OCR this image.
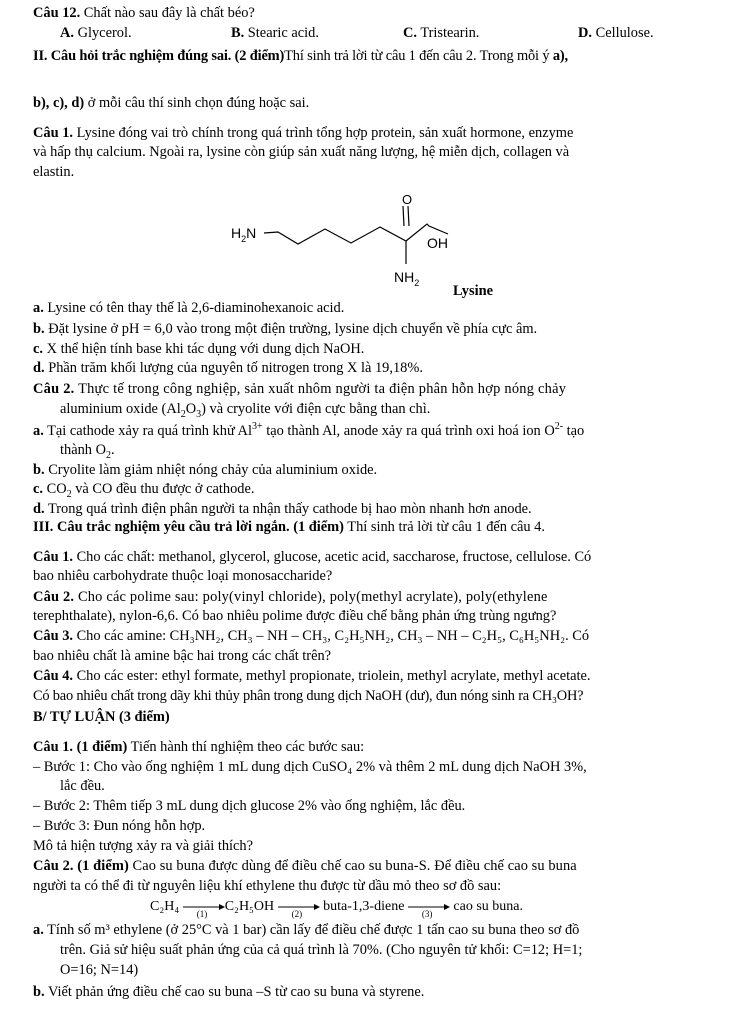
Câu 12. Chất nào sau đây là chất béo?
A. Glycerol.	B. Stearic acid.	C. Tristearin.	D. Cellulose.
II. Câu hỏi trắc nghiệm đúng sai. (2 điểm)Thí sinh trả lời từ câu 1 đến câu 2. Trong mỗi ý a),
b), c), d) ở mỗi câu thí sinh chọn đúng hoặc sai.
Câu 1. Lysine đóng vai trò chính trong quá trình tổng hợp protein, sản xuất hormone, enzyme
và hấp thụ calcium. Ngoài ra, lysine còn giúp sản xuất năng lượng, hệ miễn dịch, collagen và
elastin.
O
$H_2N$
OH
$NH_2$ Lysine
a. Lysine có tên thay thế là 2,6-diaminohexanoic acid.
b. Đặt lysine ở pH = 6,0 vào trong một điện trường, lysine dịch chuyển về phía cực âm.
c. X thể hiện tính base khi tác dụng với dung dịch NaOH.
d. Phần trăm khối lượng của nguyên tố nitrogen trong X là 19,18%.
Câu 2. Thực tế trong công nghiệp, sản xuất nhôm người ta điện phân hỗn hợp nóng chảy
aluminium oxide $(Al_2O_3)$ và cryolite với điện cực bằng than chì.
a. Tại cathode xảy ra quá trình khử $Al^{3+}$ tạo thành Al, anode xảy ra quá trình oxi hoá ion $O^{2-}$ tạo
thành $O_2$.
b. Cryolite làm giảm nhiệt nóng chảy của aluminium oxide.
c. $CO_2$ và CO đều thu được ở cathode.
d. Trong quá trình điện phân người ta nhận thấy cathode bị hao mòn nhanh hơn anode.
III. Câu trắc nghiệm yêu cầu trả lời ngắn. (1 điểm) Thí sinh trả lời từ câu 1 đến câu 4.
Câu 1. Cho các chất: methanol, glycerol, glucose, acetic acid, saccharose, fructose, cellulose. Có
bao nhiêu carbohydrate thuộc loại monosaccharide?
Câu 2. Cho các polime sau: poly(vinyl chloride), poly(methyl acrylate), poly(ethylene
terephthalate), nylon-6,6. Có bao nhiêu polime được điều chế bằng phản ứng trùng ngưng?
Câu 3. Cho các amine: CH₃NH₂, CH₃ – NH – CH₃, C₂H₅NH₂, CH₃ – NH – C₂H₅, C₆H₅NH₂. Có
bao nhiêu chất là amine bậc hai trong các chất trên?
Câu 4. Cho các ester: ethyl formate, methyl propionate, triolein, methyl acrylate, methyl acetate.
Có bao nhiêu chất trong dãy khi thủy phân trong dung dịch NaOH (dư), đun nóng sinh ra CH₃OH?
B/ TỰ LUẬN (3 điểm)
Câu 1. (1 điểm) Tiến hành thí nghiệm theo các bước sau:
– Bước 1: Cho vào ống nghiệm 1 mL dung dịch CuSO₄ 2% và thêm 2 mL dung dịch NaOH 3%,
lắc đều.
– Bước 2: Thêm tiếp 3 mL dung dịch glucose 2% vào ống nghiệm, lắc đều.
– Bước 3: Đun nóng hỗn hợp.
Mô tả hiện tượng xảy ra và giải thích?
Câu 2. (1 điểm) Cao su buna được dùng để điều chế cao su buna-S. Để điều chế cao su buna
người ta có thể đi từ nguyên liệu khí ethylene thu được từ dầu mỏ theo sơ đồ sau:
C₂H₄ (1) C₂H₅OH (2) buta-1,3-diene (3) cao su buna.
a. Tính số m³ ethylene (ở 25°C và 1 bar) cần lấy để điều chế được 1 tấn cao su buna theo sơ đồ
trên. Giả sử hiệu suất phản ứng của cả quá trình là 70%. (Cho nguyên tử khối: C=12; H=1;
O=16; N=14)
b. Viết phản ứng điều chế cao su buna –S từ cao su buna và styrene.
